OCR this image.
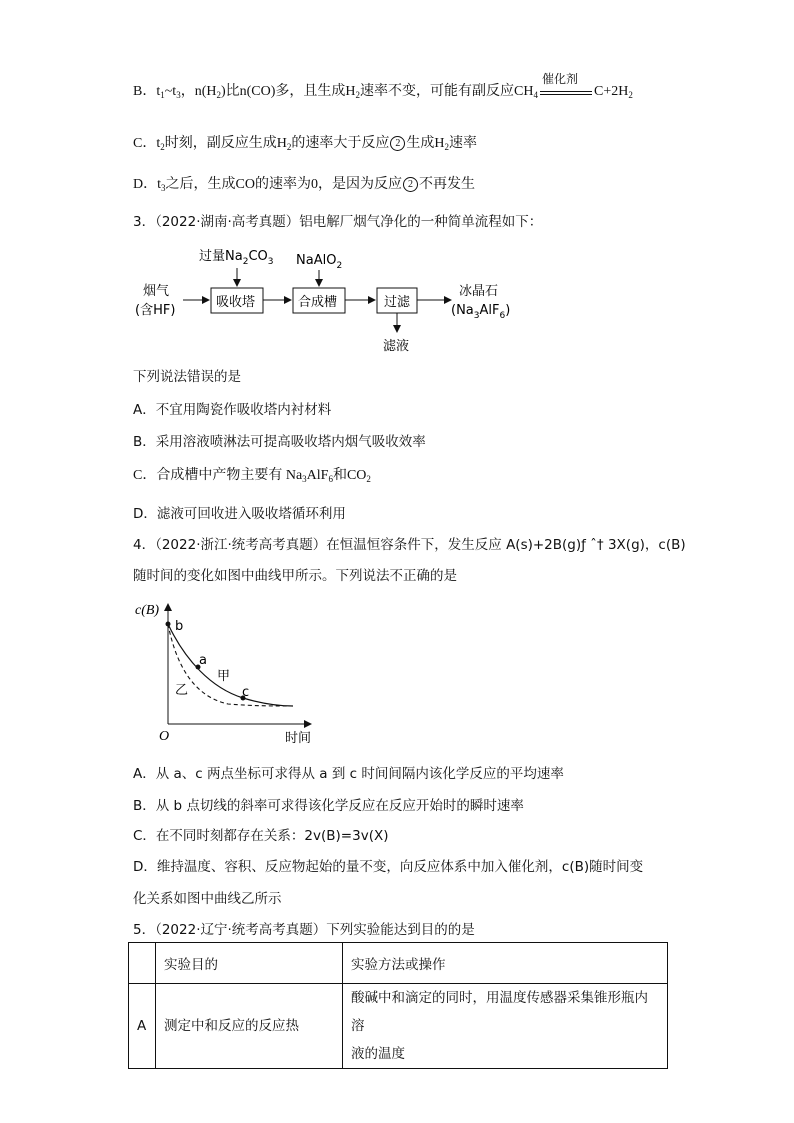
B．$t_1\sim t_3$，$n(H_2)$比n(CO)多，且生成$H_2$速率不变，可能有副反应$CH_4$
催化剂
$C+2H_2$
C．$t_2$时刻，副反应生成$H_2$的速率大于反应 2 生成$H_2$速率
D．$t_3$之后，生成CO的速率为0，是因为反应 2 不再发生
3．（2022·湖南·高考真题）铝电解厂烟气净化的一种简单流程如下：
烟气
(含HF)
吸收塔
过量$Na_2CO_3$
合成槽
NaAlO$_2$
过滤
冰晶石
$(Na_3AlF_6)$
滤液
下列说法错误的是
A．不宜用陶瓷作吸收塔内衬材料
B．采用溶液喷淋法可提高吸收塔内烟气吸收效率
C．合成槽中产物主要有 $Na_3AlF_6$和$CO_2$
D．滤液可回收进入吸收塔循环利用
4．（2022·浙江·统考高考真题）在恒温恒容条件下，发生反应 A(s)+2B(g)ƒ ˆ† 3X(g)，c(B)
随时间的变化如图中曲线甲所示。下列说法不正确的是
c(B)
时间
O
b
a
c
甲
乙
A．从 a、c 两点坐标可求得从 a 到 c 时间间隔内该化学反应的平均速率
B．从 b 点切线的斜率可求得该化学反应在反应开始时的瞬时速率
C．在不同时刻都存在关系：2v(B)=3v(X)
D．维持温度、容积、反应物起始的量不变，向反应体系中加入催化剂，c(B)随时间变
化关系如图中曲线乙所示
5．（2022·辽宁·统考高考真题）下列实验能达到目的的是
	实验目的	实验方法或操作
A	测定中和反应的反应热	酸碱中和滴定的同时，用温度传感器采集锥形瓶内溶
液的温度
